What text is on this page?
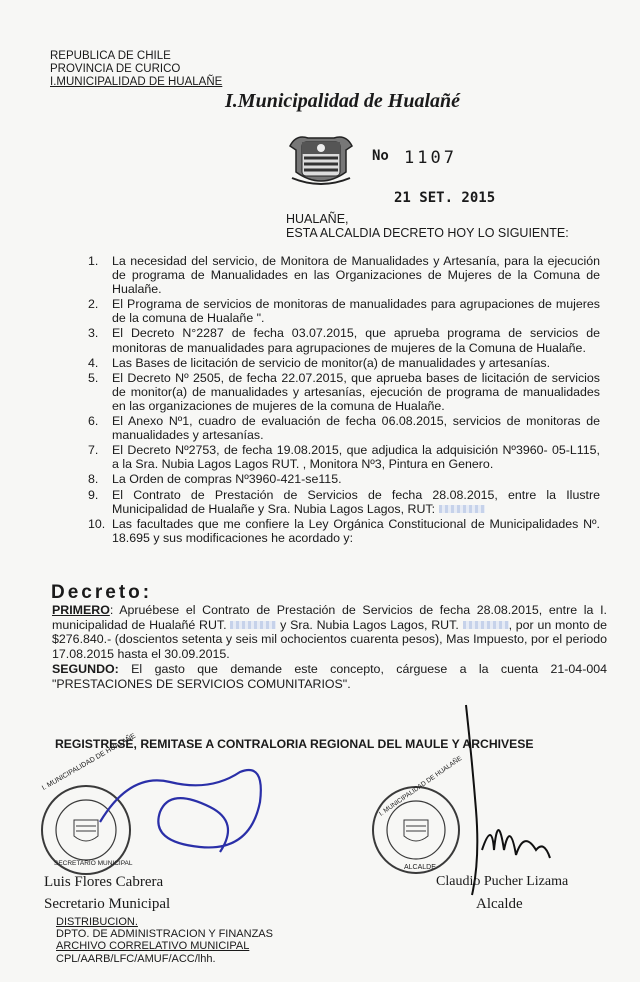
REPUBLICA DE CHILE
PROVINCIA DE CURICO
I.MUNICIPALIDAD DE HUALAÑE
I.Municipalidad de Hualañé
No 1107
21 SET. 2015
HUALAÑE,
ESTA ALCALDIA DECRETO HOY LO SIGUIENTE:
1. La necesidad del servicio, de Monitora de Manualidades y Artesanía, para la ejecución de programa de Manualidades en las Organizaciones de Mujeres de la Comuna de Hualañe.
2. El Programa de servicios de monitoras de manualidades para agrupaciones de mujeres de la comuna de Hualañe ".
3. El Decreto N°2287 de fecha 03.07.2015, que aprueba programa de servicios de monitoras de manualidades para agrupaciones de mujeres de la Comuna de Hualañe.
4. Las Bases de licitación de servicio de monitor(a) de manualidades y artesanías.
5. El Decreto Nº 2505, de fecha 22.07.2015, que aprueba bases de licitación de servicios de monitor(a) de manualidades y artesanías, ejecución de programa de manualidades en las organizaciones de mujeres de la comuna de Hualañe.
6. El Anexo Nº1, cuadro de evaluación de fecha 06.08.2015, servicios de monitoras de manualidades y artesanías.
7. El Decreto Nº2753, de fecha 19.08.2015, que adjudica la adquisición Nº3960- 05-L115, a la Sra. Nubia Lagos Lagos RUT. , Monitora Nº3, Pintura en Genero.
8. La Orden de compras Nº3960-421-se115.
9. El Contrato de Prestación de Servicios de fecha 28.08.2015, entre la Ilustre Municipalidad de Hualañe y Sra. Nubia Lagos Lagos, RUT:
10. Las facultades que me confiere la Ley Orgánica Constitucional de Municipalidades Nº. 18.695 y sus modificaciones he acordado y:
Decreto:
PRIMERO: Apruébese el Contrato de Prestación de Servicios de fecha 28.08.2015, entre la I. municipalidad de Hualañé RUT.	y Sra. Nubia Lagos Lagos, RUT.	, por un monto de $276.840.- (doscientos setenta y seis mil ochocientos cuarenta pesos), Mas Impuesto, por el periodo 17.08.2015 hasta el 30.09.2015.
SEGUNDO: El gasto que demande este concepto, cárguese a la cuenta 21-04-004 "PRESTACIONES DE SERVICIOS COMUNITARIOS".
REGISTRESE, REMITASE A CONTRALORIA REGIONAL DEL MAULE Y ARCHIVESE
I. MUNICIPALIDAD DE HUALAÑE
SECRETARIO MUNICIPAL
I. MUNICIPALIDAD DE HUALAÑE
ALCALDE
Luis Flores Cabrera
Secretario Municipal
Claudio Pucher Lizama
Alcalde
DISTRIBUCION.
DPTO. DE ADMINISTRACION Y FINANZAS
ARCHIVO CORRELATIVO MUNICIPAL
CPL/AARB/LFC/AMUF/ACC/lhh.
